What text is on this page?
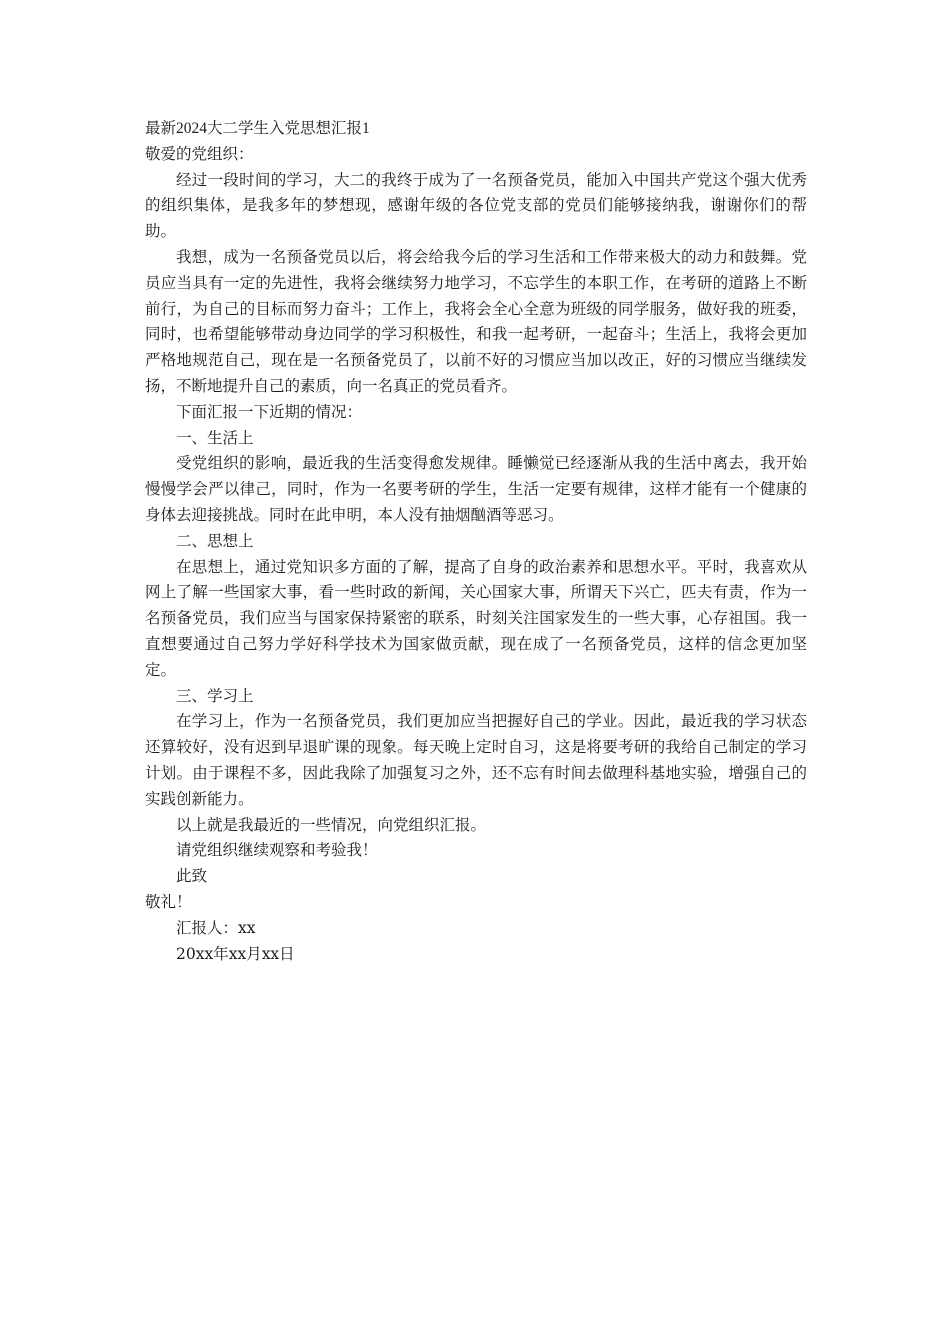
最新2024大二学生入党思想汇报1

敬爱的党组织：

经过一段时间的学习，大二的我终于成为了一名预备党员，能加入中国共产党这个强大优秀的组织集体，是我多年的梦想现，感谢年级的各位党支部的党员们能够接纳我，谢谢你们的帮助。

我想，成为一名预备党员以后，将会给我今后的学习生活和工作带来极大的动力和鼓舞。党员应当具有一定的先进性，我将会继续努力地学习，不忘学生的本职工作，在考研的道路上不断前行，为自己的目标而努力奋斗；工作上，我将会全心全意为班级的同学服务，做好我的班委，同时，也希望能够带动身边同学的学习积极性，和我一起考研，一起奋斗；生活上，我将会更加严格地规范自己，现在是一名预备党员了，以前不好的习惯应当加以改正，好的习惯应当继续发扬，不断地提升自己的素质，向一名真正的党员看齐。

下面汇报一下近期的情况：

一、生活上

受党组织的影响，最近我的生活变得愈发规律。睡懒觉已经逐渐从我的生活中离去，我开始慢慢学会严以律己，同时，作为一名要考研的学生，生活一定要有规律，这样才能有一个健康的身体去迎接挑战。同时在此申明，本人没有抽烟酗酒等恶习。

二、思想上

在思想上，通过党知识多方面的了解，提高了自身的政治素养和思想水平。平时，我喜欢从网上了解一些国家大事，看一些时政的新闻，关心国家大事，所谓天下兴亡，匹夫有责，作为一名预备党员，我们应当与国家保持紧密的联系，时刻关注国家发生的一些大事，心存祖国。我一直想要通过自己努力学好科学技术为国家做贡献，现在成了一名预备党员，这样的信念更加坚定。

三、学习上

在学习上，作为一名预备党员，我们更加应当把握好自己的学业。因此，最近我的学习状态还算较好，没有迟到早退旷课的现象。每天晚上定时自习，这是将要考研的我给自己制定的学习计划。由于课程不多，因此我除了加强复习之外，还不忘有时间去做理科基地实验，增强自己的实践创新能力。

以上就是我最近的一些情况，向党组织汇报。

请党组织继续观察和考验我！

此致

敬礼！

汇报人：xx

20xx年xx月xx日
